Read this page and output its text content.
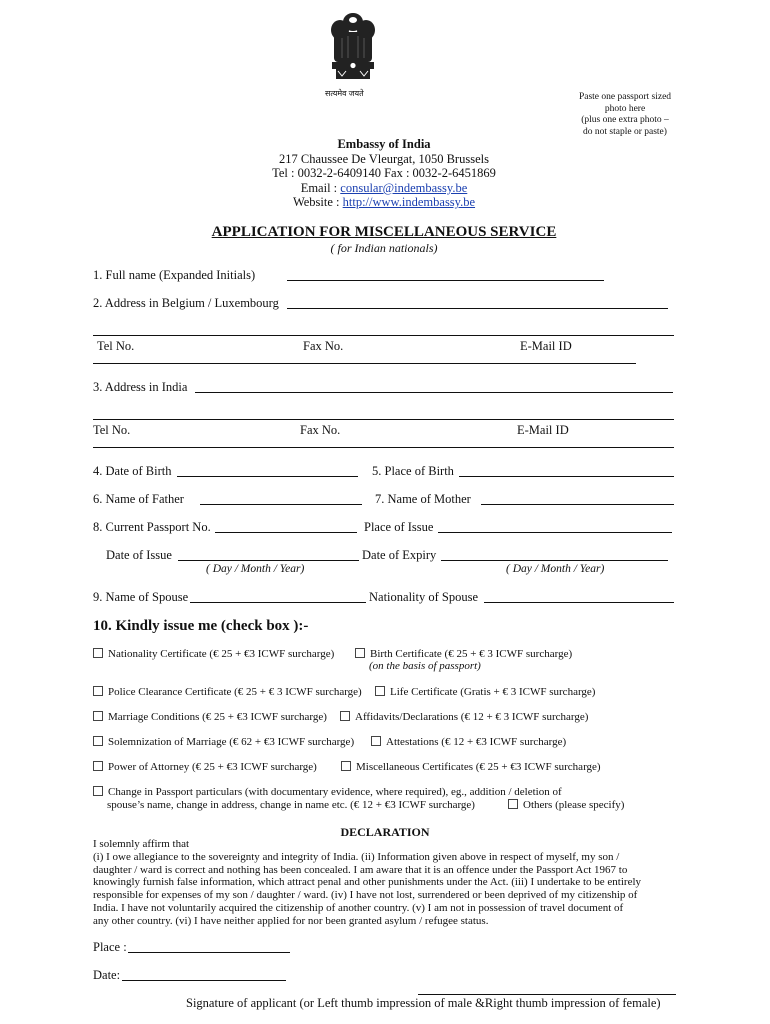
सत्यमेव जयते	Paste one passport sized
photo here
(plus one extra photo –
do not staple or paste)
Embassy of India
217 Chaussee De Vleurgat, 1050 Brussels
Tel : 0032-2-6409140 Fax : 0032-2-6451869
Email : consular@indembassy.be
Website : http://www.indembassy.be
APPLICATION FOR MISCELLANEOUS SERVICE
( for Indian nationals)
1. Full name (Expanded Initials)
2. Address in Belgium / Luxembourg
Tel No.	Fax No.	E-Mail ID
3. Address in India
Tel No.	Fax No.	E-Mail ID
4. Date of Birth	5. Place of Birth
6. Name of Father	7. Name of Mother
8. Current Passport No.	Place of Issue
Date of Issue	Date of Expiry
( Day / Month / Year)	( Day / Month / Year)
9. Name of Spouse	Nationality of Spouse
10. Kindly issue me (check box ):-
Nationality Certificate (€ 25 + €3 ICWF surcharge)	Birth Certificate (€ 25 + € 3 ICWF surcharge)
(on the basis of passport)
Police Clearance Certificate (€ 25 + € 3 ICWF surcharge)	Life Certificate (Gratis + € 3 ICWF surcharge)
Marriage Conditions (€ 25 + €3 ICWF surcharge)	Affidavits/Declarations (€ 12 + € 3 ICWF surcharge)
Solemnization of Marriage (€ 62 + €3 ICWF surcharge)	Attestations (€ 12 + €3 ICWF surcharge)
Power of Attorney (€ 25 + €3 ICWF surcharge)	Miscellaneous Certificates (€ 25 + €3 ICWF surcharge)
Change in Passport particulars (with documentary evidence, where required), eg., addition / deletion of
spouse’s name, change in address, change in name etc. (€ 12 + €3 ICWF surcharge)	Others (please specify)
DECLARATION
I solemnly affirm that
(i) I owe allegiance to the sovereignty and integrity of India. (ii) Information given above in respect of myself, my son /
daughter / ward is correct and nothing has been concealed. I am aware that it is an offence under the Passport Act 1967 to
knowingly furnish false information, which attract penal and other punishments under the Act. (iii) I undertake to be entirely
responsible for expenses of my son / daughter / ward. (iv) I have not lost, surrendered or been deprived of my citizenship of
India. I have not voluntarily acquired the citizenship of another country. (v) I am not in possession of travel document of
any other country. (vi) I have neither applied for nor been granted asylum / refugee status.
Place :
Date:
Signature of applicant (or Left thumb impression of male &Right thumb impression of female)
